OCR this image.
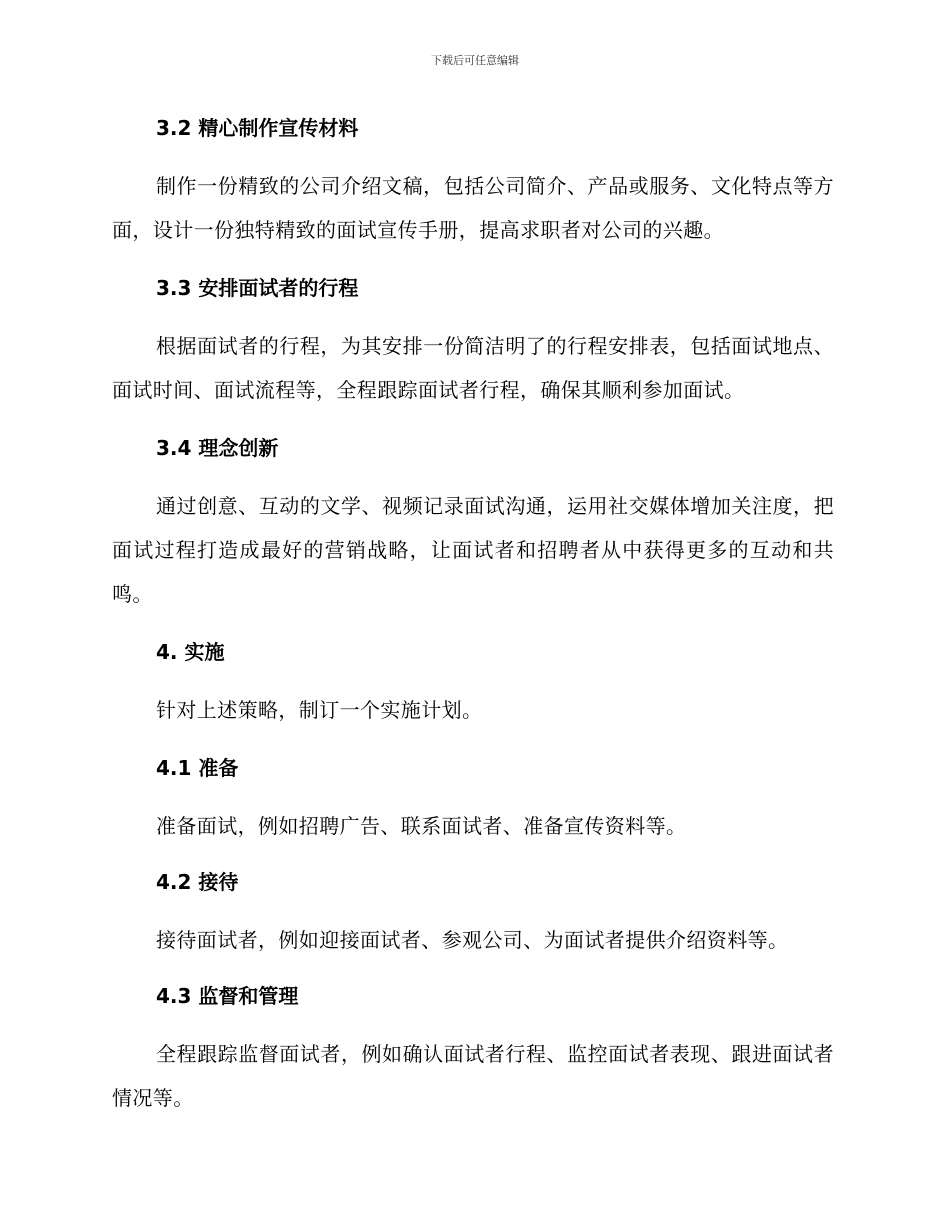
下载后可任意编辑
3.2 精心制作宣传材料
制作一份精致的公司介绍文稿，包括公司简介、产品或服务、文化特点等方面，设计一份独特精致的面试宣传手册，提高求职者对公司的兴趣。
3.3 安排面试者的行程
根据面试者的行程，为其安排一份简洁明了的行程安排表，包括面试地点、面试时间、面试流程等，全程跟踪面试者行程，确保其顺利参加面试。
3.4 理念创新
通过创意、互动的文学、视频记录面试沟通，运用社交媒体增加关注度，把面试过程打造成最好的营销战略，让面试者和招聘者从中获得更多的互动和共鸣。
4. 实施
针对上述策略，制订一个实施计划。
4.1 准备
准备面试，例如招聘广告、联系面试者、准备宣传资料等。
4.2 接待
接待面试者，例如迎接面试者、参观公司、为面试者提供介绍资料等。
4.3 监督和管理
全程跟踪监督面试者，例如确认面试者行程、监控面试者表现、跟进面试者情况等。
